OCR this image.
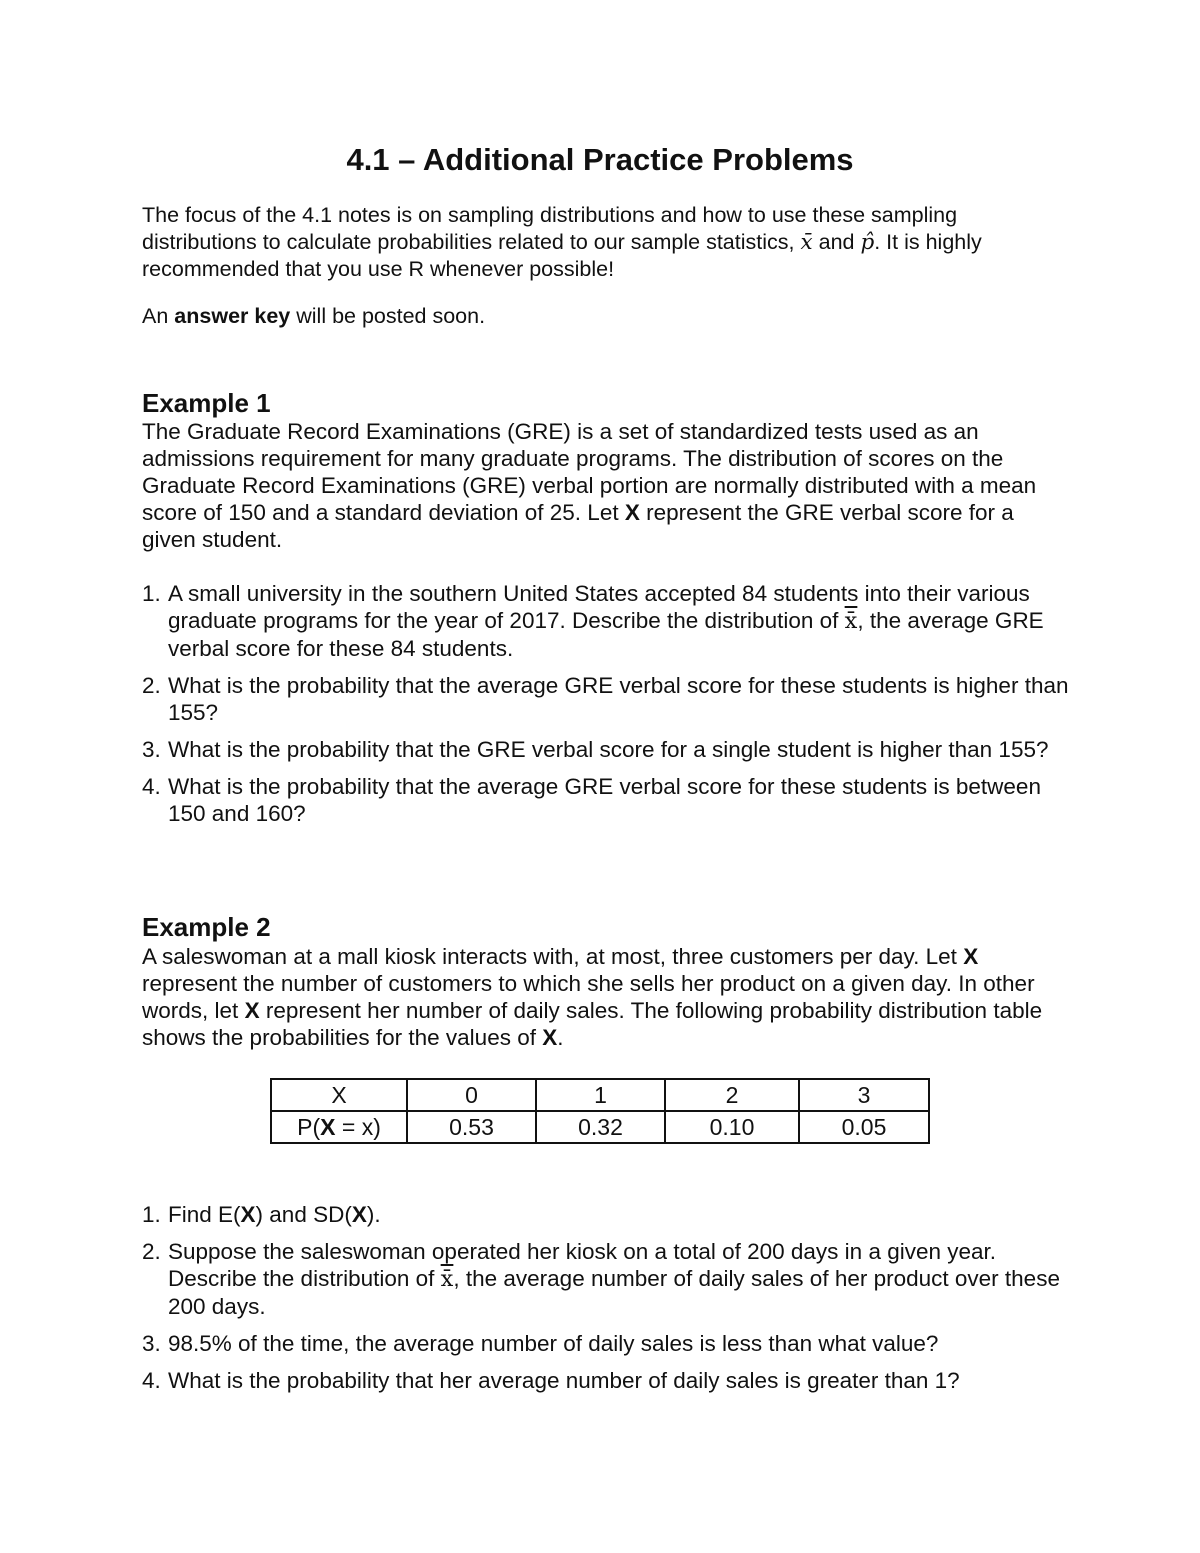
4.1 – Additional Practice Problems
The focus of the 4.1 notes is on sampling distributions and how to use these sampling
distributions to calculate probabilities related to our sample statistics, x̄ and p̂. It is highly
recommended that you use R whenever possible!
An answer key will be posted soon.
Example 1
The Graduate Record Examinations (GRE) is a set of standardized tests used as an admissions requirement for many graduate programs. The distribution of scores on the Graduate Record Examinations (GRE) verbal portion are normally distributed with a mean score of 150 and a standard deviation of 25. Let X represent the GRE verbal score for a given student.
1. A small university in the southern United States accepted 84 students into their various graduate programs for the year of 2017. Describe the distribution of x̄, the average GRE verbal score for these 84 students.
2. What is the probability that the average GRE verbal score for these students is higher than 155?
3. What is the probability that the GRE verbal score for a single student is higher than 155?
4. What is the probability that the average GRE verbal score for these students is between 150 and 160?
Example 2
A saleswoman at a mall kiosk interacts with, at most, three customers per day. Let X represent the number of customers to which she sells her product on a given day. In other words, let X represent her number of daily sales. The following probability distribution table shows the probabilities for the values of X.
X	0	1	2	3
P(X = x)	0.53	0.32	0.10	0.05
1. Find E(X) and SD(X).
2. Suppose the saleswoman operated her kiosk on a total of 200 days in a given year. Describe the distribution of x̄, the average number of daily sales of her product over these 200 days.
3. 98.5% of the time, the average number of daily sales is less than what value?
4. What is the probability that her average number of daily sales is greater than 1?
